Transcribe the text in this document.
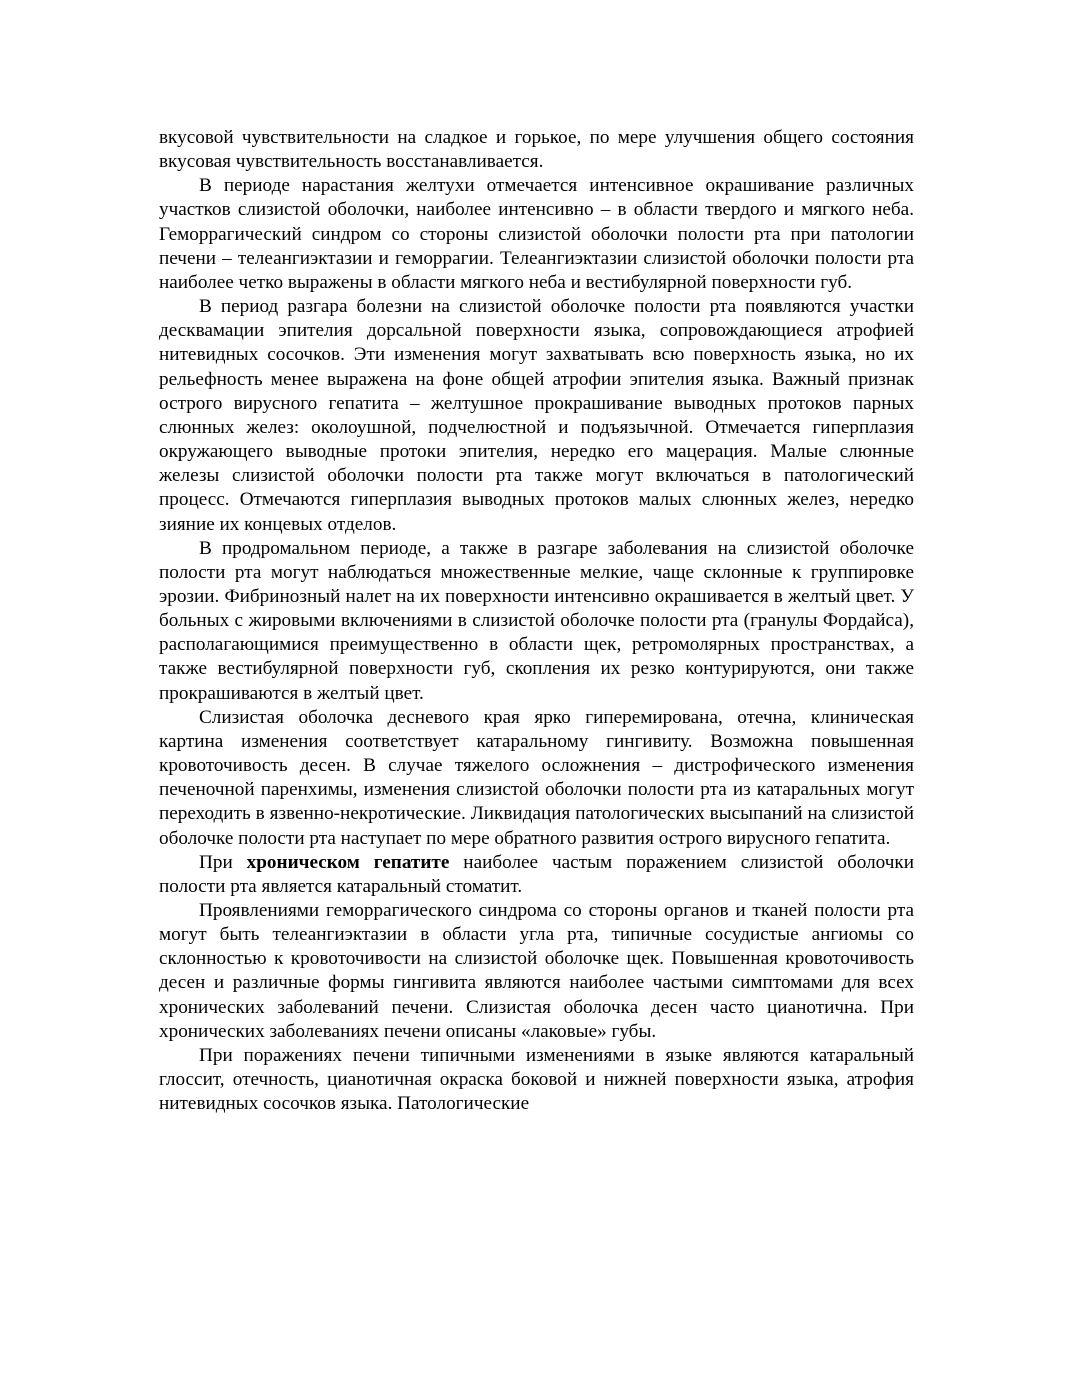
вкусовой чувствительности на сладкое и горькое, по мере улучшения общего состояния вкусовая чувствительность восстанавливается.

В периоде нарастания желтухи отмечается интенсивное окрашивание различных участков слизистой оболочки, наиболее интенсивно – в области твердого и мягкого неба. Геморрагический синдром со стороны слизистой оболочки полости рта при патологии печени – телеангиэктазии и геморрагии. Телеангиэктазии слизистой оболочки полости рта наиболее четко выражены в области мягкого неба и вестибулярной поверхности губ.

В период разгара болезни на слизистой оболочке полости рта появляются участки десквамации эпителия дорсальной поверхности языка, сопровождающиеся атрофией нитевидных сосочков. Эти изменения могут захватывать всю поверхность языка, но их рельефность менее выражена на фоне общей атрофии эпителия языка. Важный признак острого вирусного гепатита – желтушное прокрашивание выводных протоков парных слюнных желез: околоушной, подчелюстной и подъязычной. Отмечается гиперплазия окружающего выводные протоки эпителия, нередко его мацерация. Малые слюнные железы слизистой оболочки полости рта также могут включаться в патологический процесс. Отмечаются гиперплазия выводных протоков малых слюнных желез, нередко зияние их концевых отделов.

В продромальном периоде, а также в разгаре заболевания на слизистой оболочке полости рта могут наблюдаться множественные мелкие, чаще склонные к группировке эрозии. Фибринозный налет на их поверхности интенсивно окрашивается в желтый цвет. У больных с жировыми включениями в слизистой оболочке полости рта (гранулы Фордайса), располагающимися преимущественно в области щек, ретромолярных пространствах, а также вестибулярной поверхности губ, скопления их резко контурируются, они также прокрашиваются в желтый цвет.

Слизистая оболочка десневого края ярко гиперемирована, отечна, клиническая картина изменения соответствует катаральному гингивиту. Возможна повышенная кровоточивость десен. В случае тяжелого осложнения – дистрофического изменения печеночной паренхимы, изменения слизистой оболочки полости рта из катаральных могут переходить в язвенно-некротические. Ликвидация патологических высыпаний на слизистой оболочке полости рта наступает по мере обратного развития острого вирусного гепатита.

При хроническом гепатите наиболее частым поражением слизистой оболочки полости рта является катаральный стоматит.

Проявлениями геморрагического синдрома со стороны органов и тканей полости рта могут быть телеангиэктазии в области угла рта, типичные сосудистые ангиомы со склонностью к кровоточивости на слизистой оболочке щек. Повышенная кровоточивость десен и различные формы гингивита являются наиболее частыми симптомами для всех хронических заболеваний печени. Слизистая оболочка десен часто цианотична. При хронических заболеваниях печени описаны «лаковые» губы.

При поражениях печени типичными изменениями в языке являются катаральный глоссит, отечность, цианотичная окраска боковой и нижней поверхности языка, атрофия нитевидных сосочков языка. Патологические
